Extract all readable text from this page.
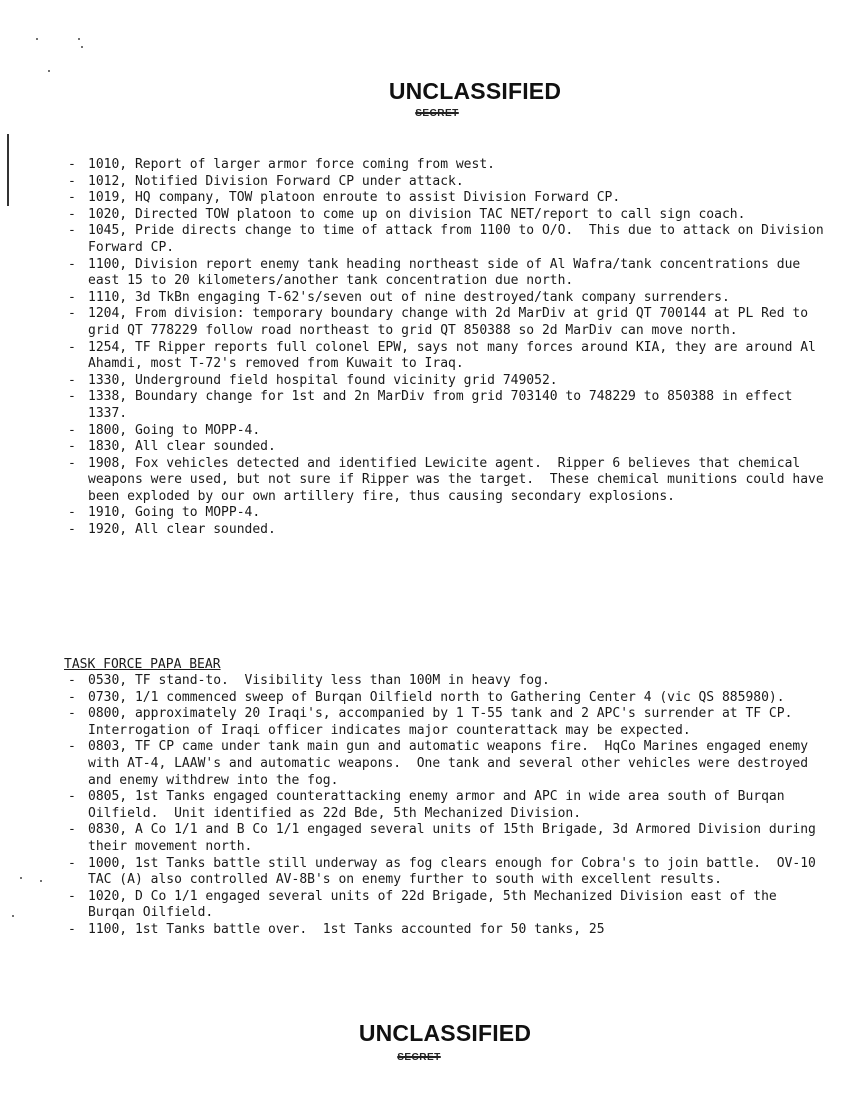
UNCLASSIFIED
SECRET
- 1010, Report of larger armor force coming from west.
- 1012, Notified Division Forward CP under attack.
- 1019, HQ company, TOW platoon enroute to assist Division Forward CP.
- 1020, Directed TOW platoon to come up on division TAC NET/report to call sign coach.
- 1045, Pride directs change to time of attack from 1100 to O/O.  This due to attack on Division Forward CP.
- 1100, Division report enemy tank heading northeast side of Al Wafra/tank concentrations due east 15 to 20 kilometers/another tank concentration due north.
- 1110, 3d TkBn engaging T-62's/seven out of nine destroyed/tank company surrenders.
- 1204, From division: temporary boundary change with 2d MarDiv at grid QT 700144 at PL Red to grid QT 778229 follow road northeast to grid QT 850388 so 2d MarDiv can move north.
- 1254, TF Ripper reports full colonel EPW, says not many forces around KIA, they are around Al Ahamdi, most T-72's removed from Kuwait to Iraq.
- 1330, Underground field hospital found vicinity grid 749052.
- 1338, Boundary change for 1st and 2n MarDiv from grid 703140 to 748229 to 850388 in effect 1337.
- 1800, Going to MOPP-4.
- 1830, All clear sounded.
- 1908, Fox vehicles detected and identified Lewicite agent.  Ripper 6 believes that chemical weapons were used, but not sure if Ripper was the target.  These chemical munitions could have been exploded by our own artillery fire, thus causing secondary explosions.
- 1910, Going to MOPP-4.
- 1920, All clear sounded.
TASK FORCE PAPA BEAR
- 0530, TF stand-to.  Visibility less than 100M in heavy fog.
- 0730, 1/1 commenced sweep of Burqan Oilfield north to Gathering Center 4 (vic QS 885980).
- 0800, approximately 20 Iraqi's, accompanied by 1 T-55 tank and 2 APC's surrender at TF CP.  Interrogation of Iraqi officer indicates major counterattack may be expected.
- 0803, TF CP came under tank main gun and automatic weapons fire.  HqCo Marines engaged enemy with AT-4, LAAW's and automatic weapons.  One tank and several other vehicles were destroyed and enemy withdrew into the fog.
- 0805, 1st Tanks engaged counterattacking enemy armor and APC in wide area south of Burqan Oilfield.  Unit identified as 22d Bde, 5th Mechanized Division.
- 0830, A Co 1/1 and B Co 1/1 engaged several units of 15th Brigade, 3d Armored Division during their movement north.
- 1000, 1st Tanks battle still underway as fog clears enough for Cobra's to join battle.  OV-10 TAC (A) also controlled AV-8B's on enemy further to south with excellent results.
- 1020, D Co 1/1 engaged several units of 22d Brigade, 5th Mechanized Division east of the Burqan Oilfield.
- 1100, 1st Tanks battle over.  1st Tanks accounted for 50 tanks, 25
UNCLASSIFIED
SECRET
